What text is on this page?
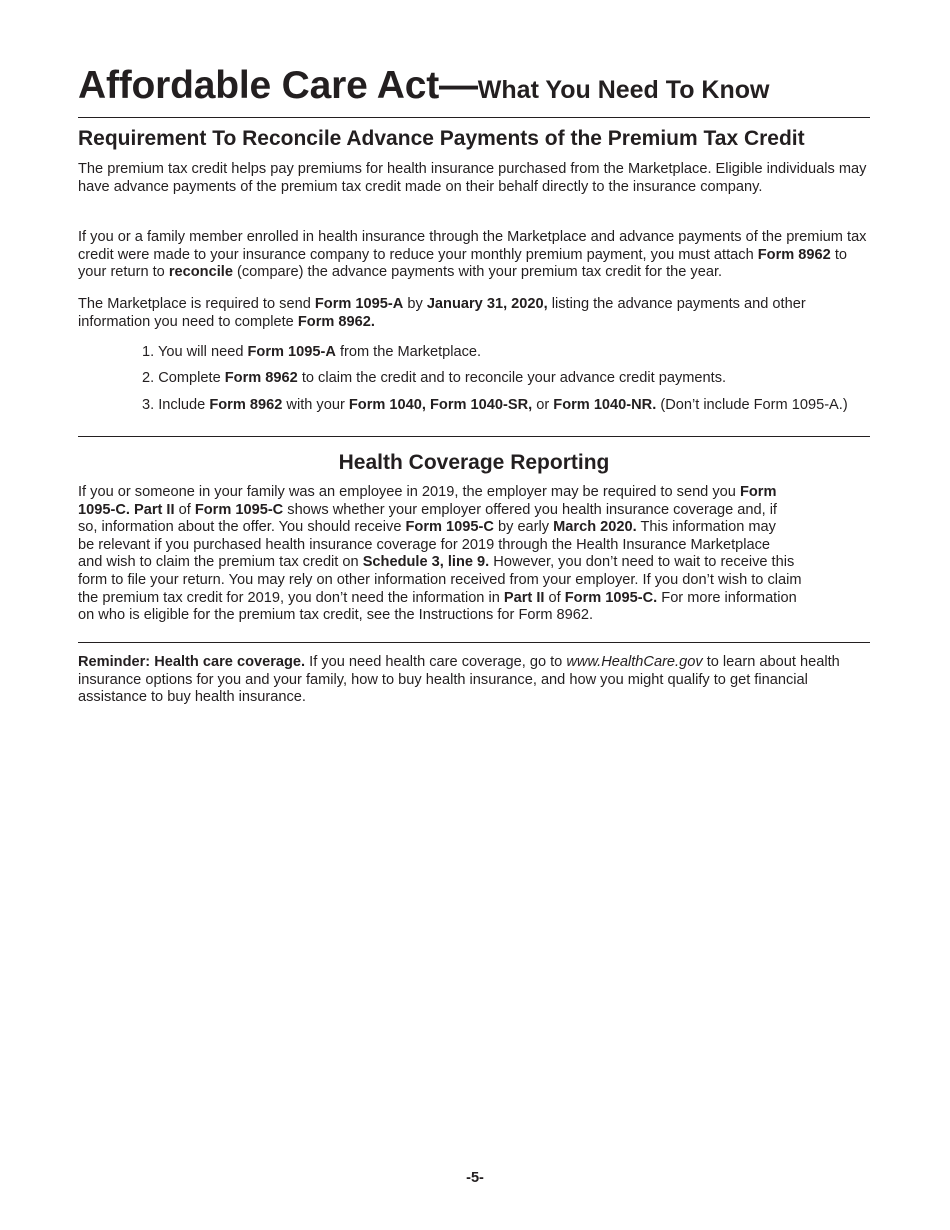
Affordable Care Act—What You Need To Know
Requirement To Reconcile Advance Payments of the Premium Tax Credit

The premium tax credit helps pay premiums for health insurance purchased from the Marketplace. Eligible individuals may have advance payments of the premium tax credit made on their behalf directly to the insurance company.

If you or a family member enrolled in health insurance through the Marketplace and advance payments of the premium tax credit were made to your insurance company to reduce your monthly premium payment, you must attach Form 8962 to your return to reconcile (compare) the advance payments with your premium tax credit for the year.

The Marketplace is required to send Form 1095-A by January 31, 2020, listing the advance payments and other information you need to complete Form 8962.

1. You will need Form 1095-A from the Marketplace.

2. Complete Form 8962 to claim the credit and to reconcile your advance credit payments.

3. Include Form 8962 with your Form 1040, Form 1040-SR, or Form 1040-NR. (Don’t include Form 1095-A.)

Health Coverage Reporting
If you or someone in your family was an employee in 2019, the employer may be required to send you Form
1095-C. Part II of Form 1095-C shows whether your employer offered you health insurance coverage and, if
so, information about the offer. You should receive Form 1095-C by early March 2020. This information may
be relevant if you purchased health insurance coverage for 2019 through the Health Insurance Marketplace
and wish to claim the premium tax credit on Schedule 3, line 9. However, you don’t need to wait to receive this
form to file your return. You may rely on other information received from your employer. If you don’t wish to claim
the premium tax credit for 2019, you don’t need the information in Part II of Form 1095-C. For more information
on who is eligible for the premium tax credit, see the Instructions for Form 8962.

Reminder: Health care coverage. If you need health care coverage, go to www.HealthCare.gov to learn about health insurance options for you and your family, how to buy health insurance, and how you might qualify to get financial assistance to buy health insurance.

-5-
